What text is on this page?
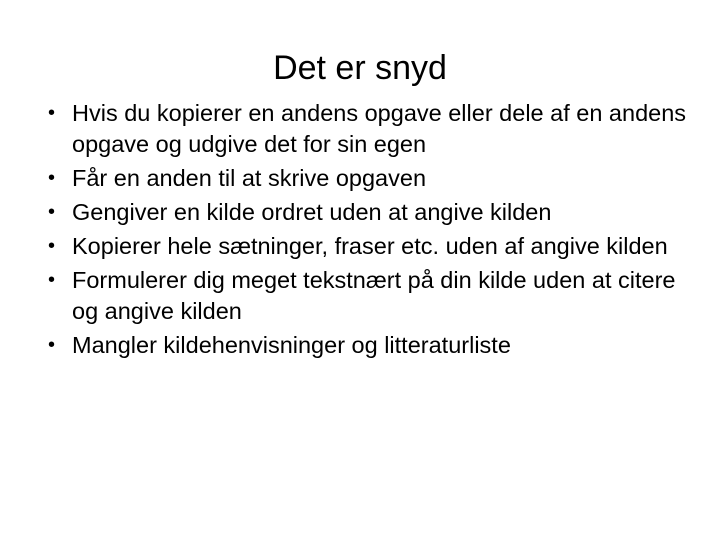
Det er snyd
• Hvis du kopierer en andens opgave eller dele af en andens opgave og udgive det for sin egen
• Får en anden til at skrive opgaven
• Gengiver en kilde ordret uden at angive kilden
• Kopierer hele sætninger, fraser etc. uden af angive kilden
• Formulerer dig meget tekstnært på din kilde uden at citere og angive kilden
• Mangler kildehenvisninger og litteraturliste
